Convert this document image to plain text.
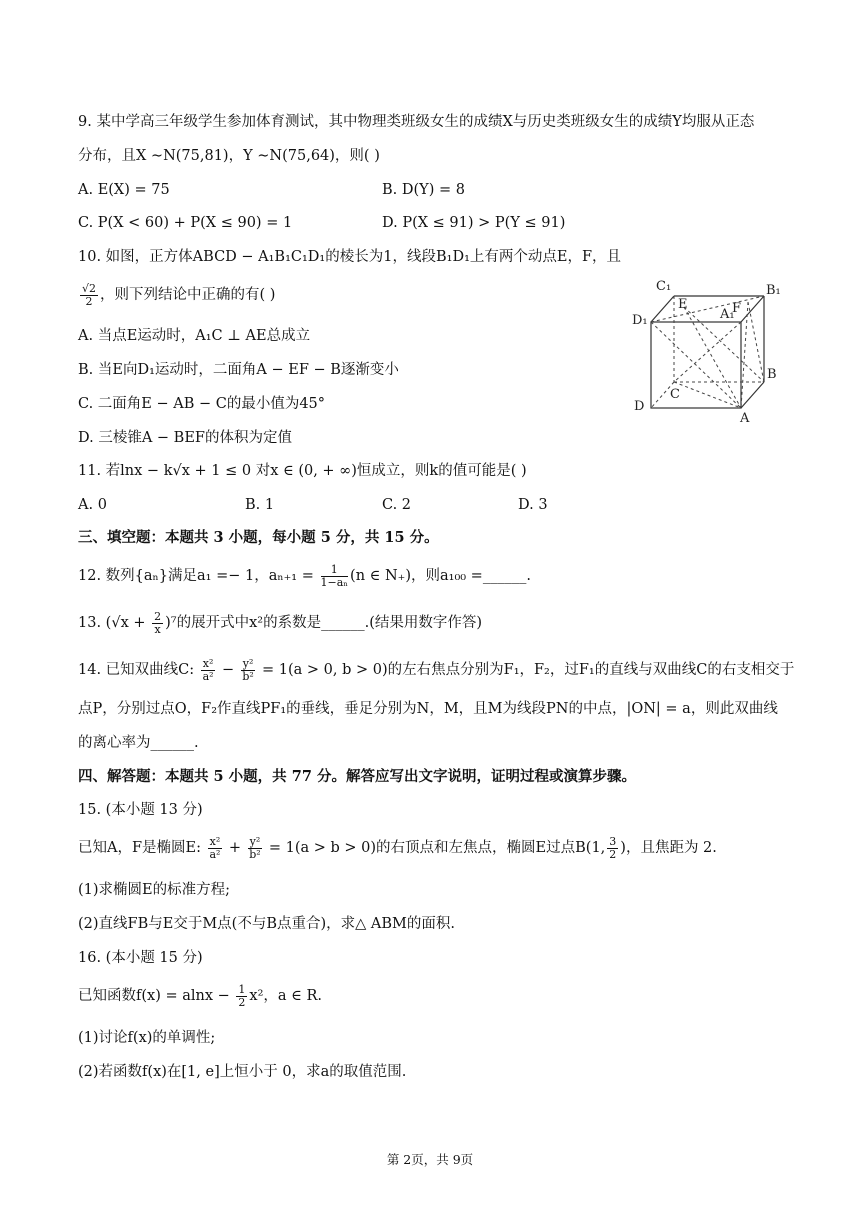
9. 某中学高三年级学生参加体育测试，其中物理类班级女生的成绩X与历史类班级女生的成绩Y均服从正态
分布，且X ∼N(75,81)，Y ∼N(75,64)，则( )
A. E(X) = 75	B. D(Y) = 8
C. P(X < 60) + P(X ≤ 90) = 1	D. P(X ≤ 91) > P(Y ≤ 91)
10. 如图，正方体ABCD − A₁B₁C₁D₁的棱长为1，线段B₁D₁上有两个动点E，F，且
$\frac{√2}{2}$ ，则下列结论中正确的有( )
A. 当点E运动时，A₁C ⊥ AE总成立
B. 当E向D₁运动时，二面角A − EF − B逐渐变小
C. 二面角E − AB − C的最小值为45°
D. 三棱锥A − BEF的体积为定值
C₁	B₁
D₁	A₁
E	F
C
B
D
A
11. 若lnx − k√x + 1 ≤ 0 对x ∈ (0, + ∞)恒成立，则k的值可能是( )
A. 0	B. 1	C. 2	D. 3
三、填空题：本题共 3 小题，每小题 5 分，共 15 分。
12. 数列{aₙ}满足a₁ =− 1，$a_{n+1} = \frac{1}{\text{1−aₙ}} (n$ ∈ N₊)，则a₁₀₀ =______.
13. $(√x + \frac{2}{x} )^7$的展开式中x²的系数是______.(结果用数字作答)
14. 已知双曲线C: $\frac{\text{x²}}{\text{a²}} - \frac{\text{y²}}{\text{b²}} = 1(a > 0$, b > 0)的左右焦点分别为F₁，F₂，过F₁的直线与双曲线C的右支相交于
点P，分别过点O，F₂作直线PF₁的垂线，垂足分别为N，M，且M为线段PN的中点，|ON| = a，则此双曲线
的离心率为______.
四、解答题：本题共 5 小题，共 77 分。解答应写出文字说明，证明过程或演算步骤。
15. (本小题 13 分)
已知A，F是椭圆E: $\frac{\text{x²}}{\text{a²}} + \frac{\text{y²}}{\text{b²}} = 1(a > b > 0)$的右顶点和左焦点，椭圆E过点B(1, $\frac{3}{2}$ )，且焦距为 2.
(1)求椭圆E的标准方程;
(2)直线FB与E交于M点(不与B点重合)，求△ ABM的面积.
16. (本小题 15 分)
已知函数$f(x) = alnx - \frac{1}{2} x^2$，a ∈ R.
(1)讨论f(x)的单调性;
(2)若函数f(x)在[1, e]上恒小于 0，求a的取值范围.
第 2页，共 9页
